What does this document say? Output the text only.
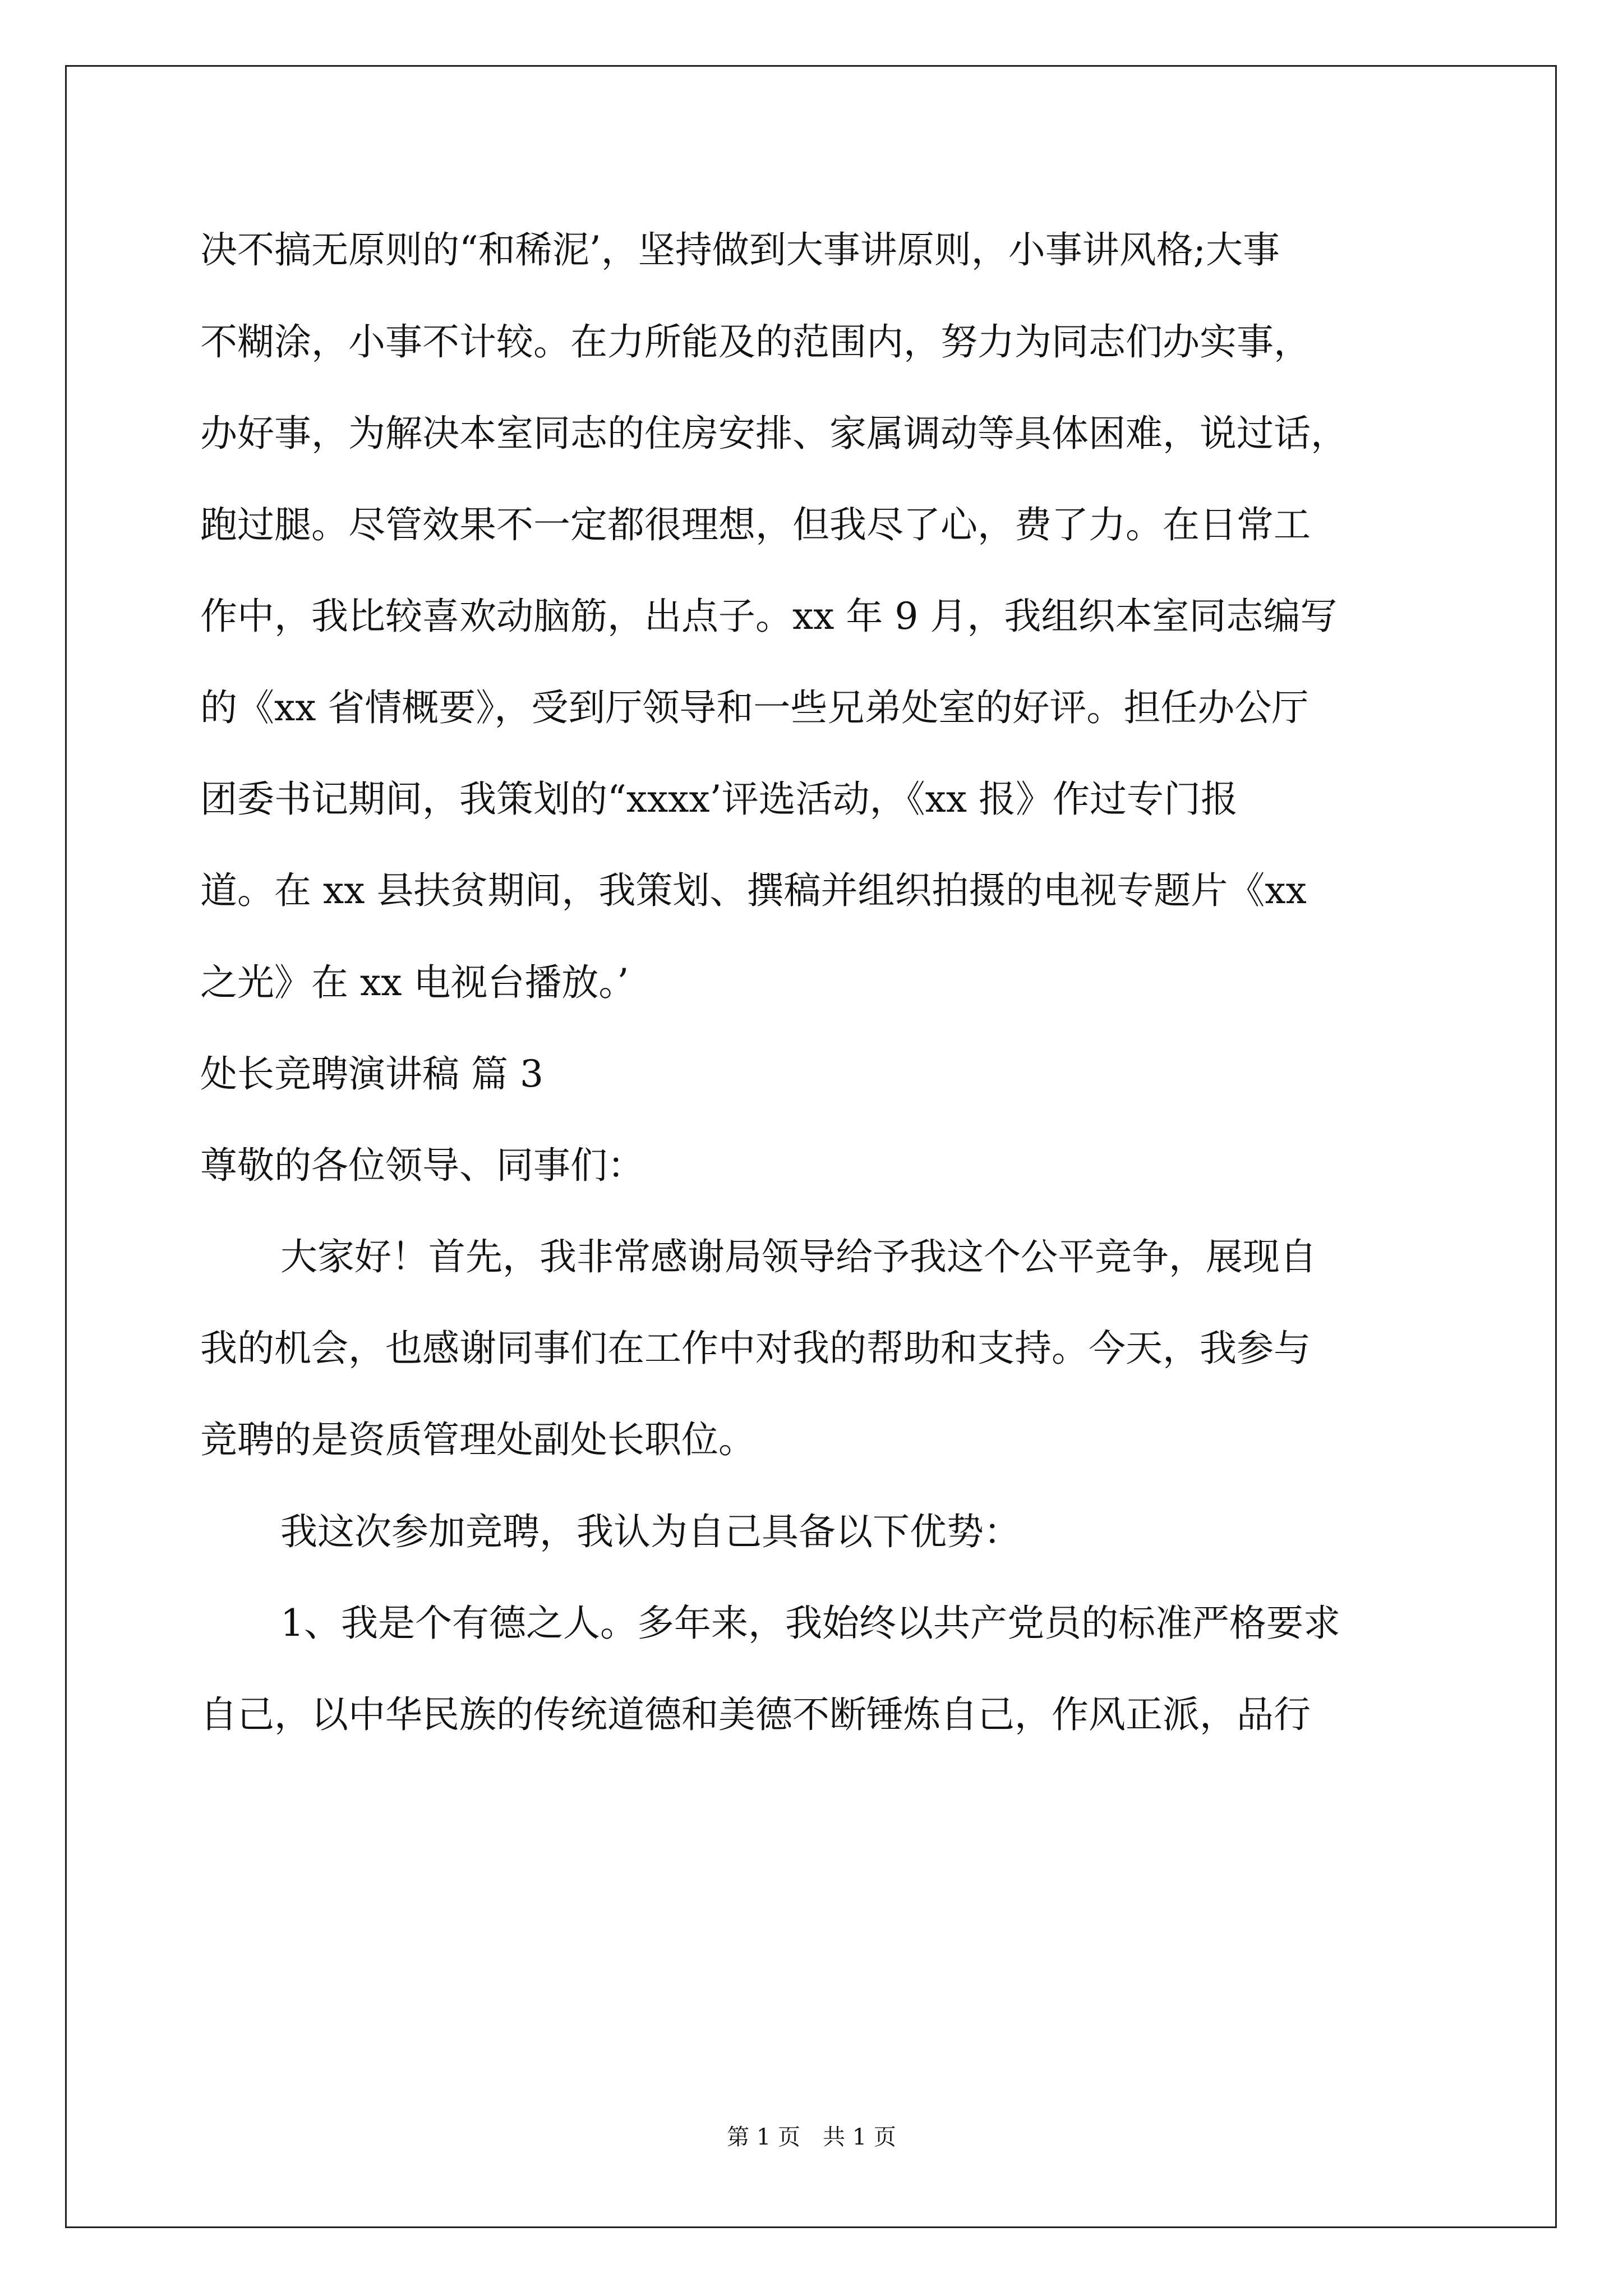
决不搞无原则的“和稀泥’，坚持做到大事讲原则，小事讲风格;大事
不糊涂，小事不计较。在力所能及的范围内，努力为同志们办实事，
办好事，为解决本室同志的住房安排、家属调动等具体困难，说过话，
跑过腿。尽管效果不一定都很理想，但我尽了心，费了力。在日常工
作中，我比较喜欢动脑筋，出点子。xx 年 9 月，我组织本室同志编写
的《xx 省情概要》，受到厅领导和一些兄弟处室的好评。担任办公厅
团委书记期间，我策划的“xxxx’评选活动，《xx 报》作过专门报
道。在 xx 县扶贫期间，我策划、撰稿并组织拍摄的电视专题片《xx
之光》在 xx 电视台播放。’
处长竞聘演讲稿 篇 3
尊敬的各位领导、同事们：
大家好！首先，我非常感谢局领导给予我这个公平竞争，展现自
我的机会，也感谢同事们在工作中对我的帮助和支持。今天，我参与
竞聘的是资质管理处副处长职位。
我这次参加竞聘，我认为自己具备以下优势：
1、我是个有德之人。多年来，我始终以共产党员的标准严格要求
自己，以中华民族的传统道德和美德不断锤炼自己，作风正派，品行
第 1 页　共 1 页
